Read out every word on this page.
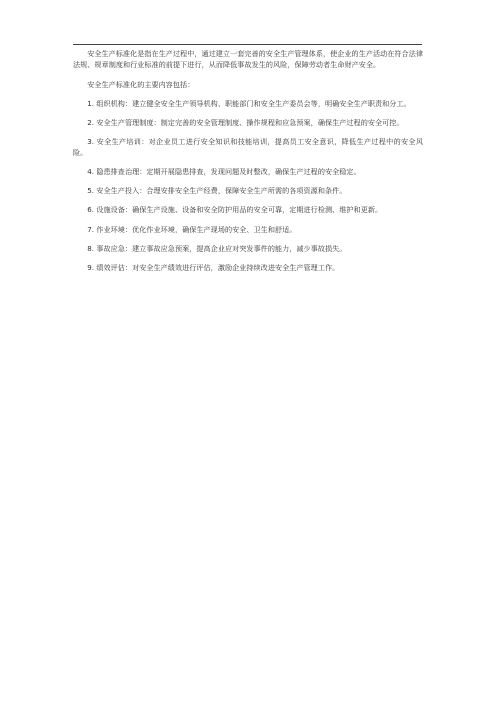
安全生产标准化是指在生产过程中，通过建立一套完善的安全生产管理体系，使企业的生产活动在符合法律法规、规章制度和行业标准的前提下进行，从而降低事故发生的风险，保障劳动者生命财产安全。

安全生产标准化的主要内容包括：

1. 组织机构：建立健全安全生产领导机构、职能部门和安全生产委员会等，明确安全生产职责和分工。

2. 安全生产管理制度：制定完善的安全管理制度、操作规程和应急预案，确保生产过程的安全可控。

3. 安全生产培训：对企业员工进行安全知识和技能培训，提高员工安全意识，降低生产过程中的安全风险。

4. 隐患排查治理：定期开展隐患排查，发现问题及时整改，确保生产过程的安全稳定。

5. 安全生产投入：合理安排安全生产经费，保障安全生产所需的各项资源和条件。

6. 设施设备：确保生产设施、设备和安全防护用品的安全可靠，定期进行检测、维护和更新。

7. 作业环境：优化作业环境，确保生产现场的安全、卫生和舒适。

8. 事故应急：建立事故应急预案，提高企业应对突发事件的能力，减少事故损失。

9. 绩效评估：对安全生产绩效进行评估，激励企业持续改进安全生产管理工作。
